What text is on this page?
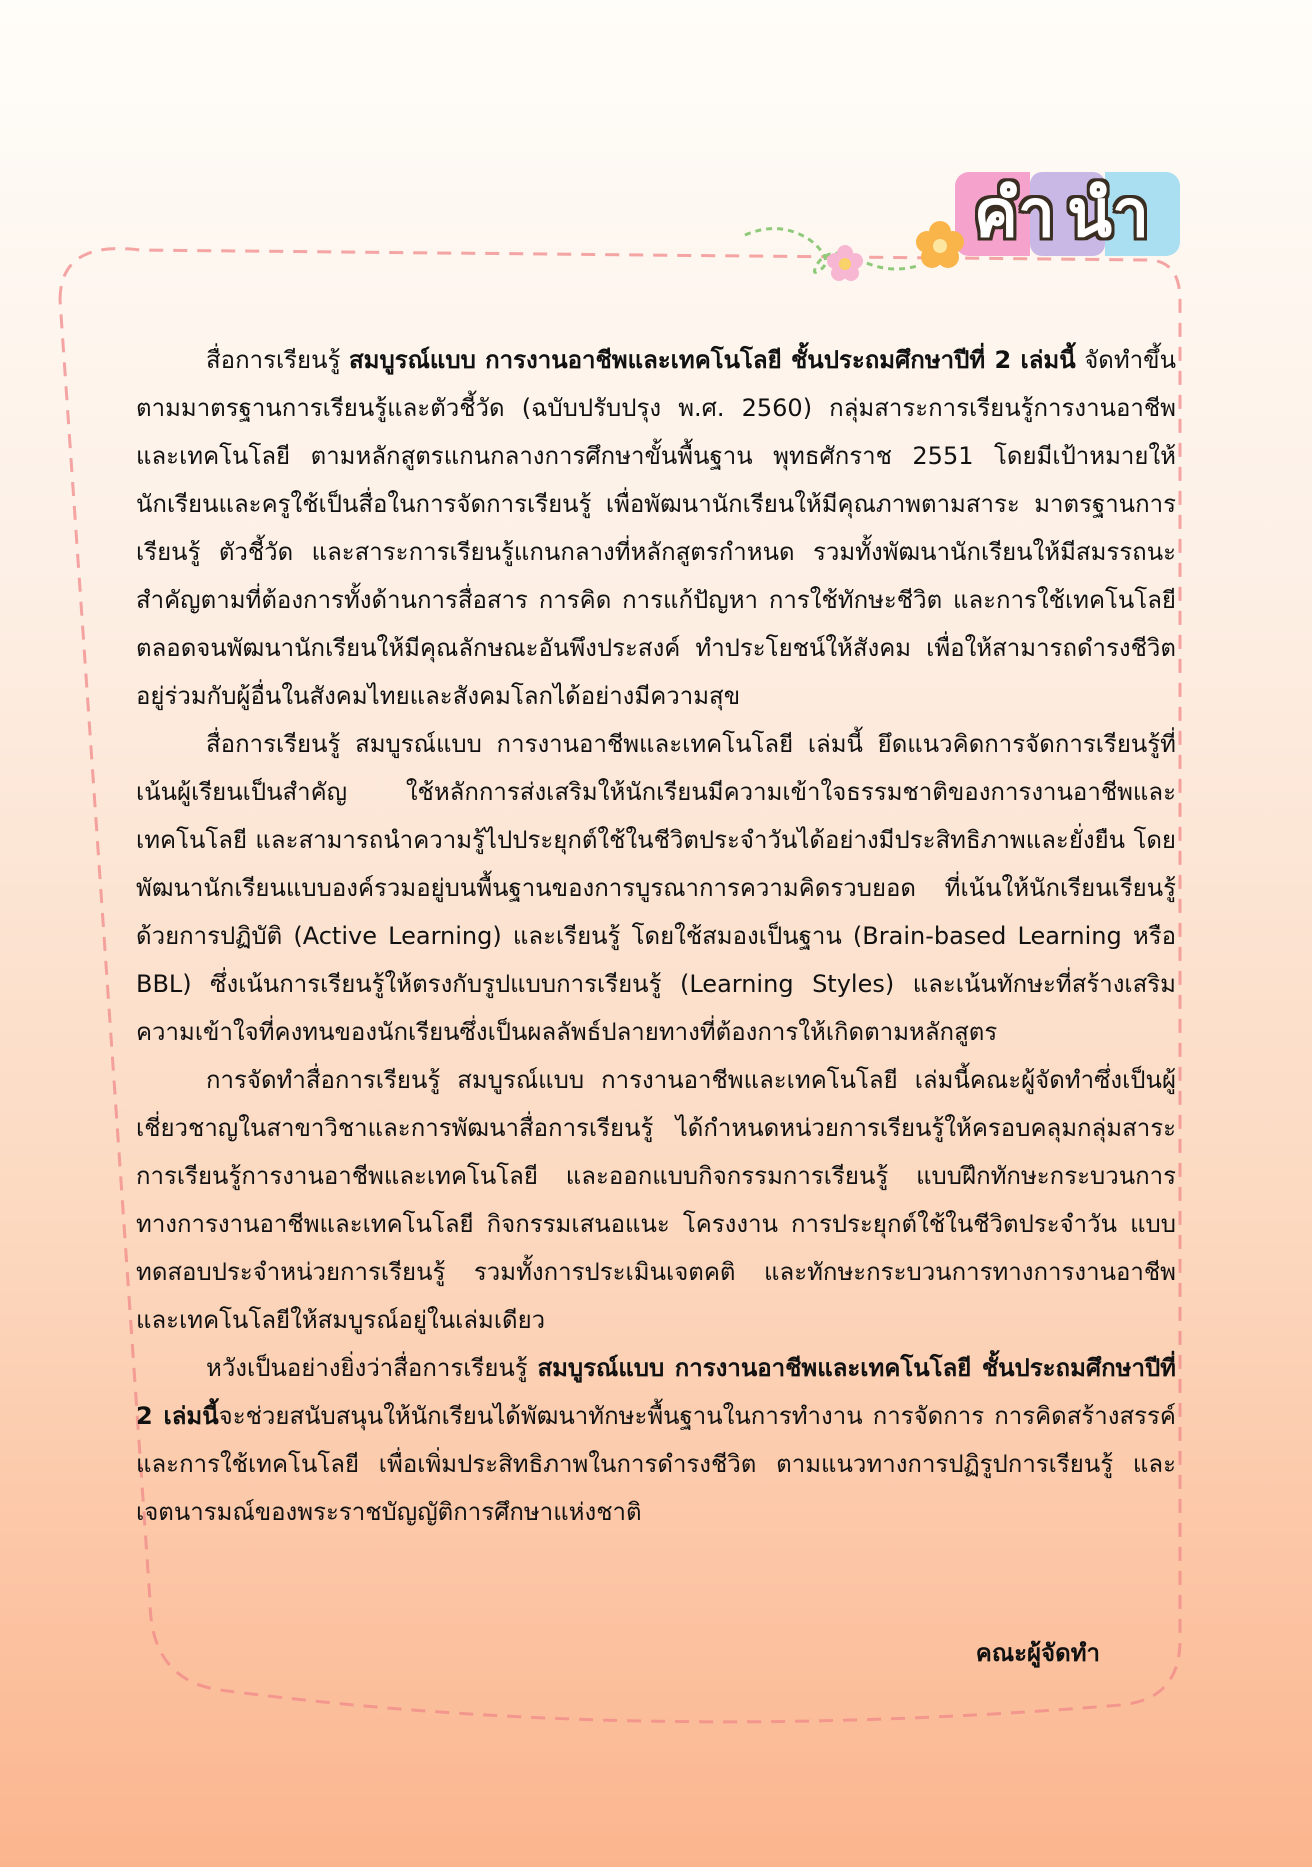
คำนำ

สื่อการเรียนรู้ สมบูรณ์แบบ การงานอาชีพและเทคโนโลยี ชั้นประถมศึกษาปีที่ 2 เล่มนี้ จัดทำขึ้นตามมาตรฐานการเรียนรู้และตัวชี้วัด (ฉบับปรับปรุง พ.ศ. 2560) กลุ่มสาระการเรียนรู้การงานอาชีพและเทคโนโลยี ตามหลักสูตรแกนกลางการศึกษาขั้นพื้นฐาน พุทธศักราช 2551 โดยมีเป้าหมายให้นักเรียนและครูใช้เป็นสื่อในการจัดการเรียนรู้ เพื่อพัฒนานักเรียนให้มีคุณภาพตามสาระ มาตรฐานการเรียนรู้ ตัวชี้วัด และสาระการเรียนรู้แกนกลางที่หลักสูตรกำหนด รวมทั้งพัฒนานักเรียนให้มีสมรรถนะสำคัญตามที่ต้องการทั้งด้านการสื่อสาร การคิด การแก้ปัญหา การใช้ทักษะชีวิต และการใช้เทคโนโลยี ตลอดจนพัฒนานักเรียนให้มีคุณลักษณะอันพึงประสงค์ ทำประโยชน์ให้สังคม เพื่อให้สามารถดำรงชีวิตอยู่ร่วมกับผู้อื่นในสังคมไทยและสังคมโลกได้อย่างมีความสุข

สื่อการเรียนรู้ สมบูรณ์แบบ การงานอาชีพและเทคโนโลยี เล่มนี้ ยึดแนวคิดการจัดการเรียนรู้ที่เน้นผู้เรียนเป็นสำคัญ ใช้หลักการส่งเสริมให้นักเรียนมีความเข้าใจธรรมชาติของการงานอาชีพและเทคโนโลยี และสามารถนำความรู้ไปประยุกต์ใช้ในชีวิตประจำวันได้อย่างมีประสิทธิภาพและยั่งยืน โดยพัฒนานักเรียนแบบองค์รวมอยู่บนพื้นฐานของการบูรณาการความคิดรวบยอด ที่เน้นให้นักเรียนเรียนรู้ด้วยการปฏิบัติ (Active Learning) และเรียนรู้ โดยใช้สมองเป็นฐาน (Brain-based Learning หรือ BBL) ซึ่งเน้นการเรียนรู้ให้ตรงกับรูปแบบการเรียนรู้ (Learning Styles) และเน้นทักษะที่สร้างเสริมความเข้าใจที่คงทนของนักเรียนซึ่งเป็นผลลัพธ์ปลายทางที่ต้องการให้เกิดตามหลักสูตร

การจัดทำสื่อการเรียนรู้ สมบูรณ์แบบ การงานอาชีพและเทคโนโลยี เล่มนี้คณะผู้จัดทำซึ่งเป็นผู้เชี่ยวชาญในสาขาวิชาและการพัฒนาสื่อการเรียนรู้ ได้กำหนดหน่วยการเรียนรู้ให้ครอบคลุมกลุ่มสาระการเรียนรู้การงานอาชีพและเทคโนโลยี และออกแบบกิจกรรมการเรียนรู้ แบบฝึกทักษะกระบวนการทางการงานอาชีพและเทคโนโลยี กิจกรรมเสนอแนะ โครงงาน การประยุกต์ใช้ในชีวิตประจำวัน แบบทดสอบประจำหน่วยการเรียนรู้ รวมทั้งการประเมินเจตคติ และทักษะกระบวนการทางการงานอาชีพและเทคโนโลยีให้สมบูรณ์อยู่ในเล่มเดียว

หวังเป็นอย่างยิ่งว่าสื่อการเรียนรู้ สมบูรณ์แบบ การงานอาชีพและเทคโนโลยี ชั้นประถมศึกษาปีที่ 2 เล่มนี้จะช่วยสนับสนุนให้นักเรียนได้พัฒนาทักษะพื้นฐานในการทำงาน การจัดการ การคิดสร้างสรรค์ และการใช้เทคโนโลยี เพื่อเพิ่มประสิทธิภาพในการดำรงชีวิต ตามแนวทางการปฏิรูปการเรียนรู้ และเจตนารมณ์ของพระราชบัญญัติการศึกษาแห่งชาติ

คณะผู้จัดทำ
